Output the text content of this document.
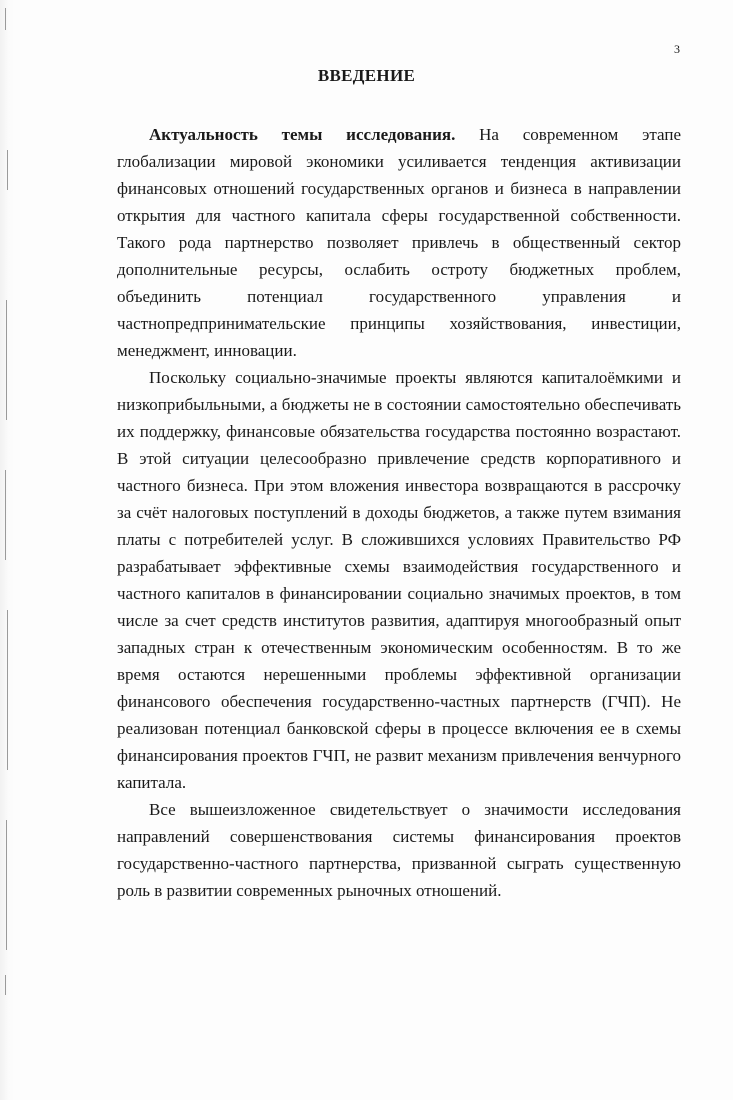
3
ВВЕДЕНИЕ

Актуальность темы исследования. На современном этапе глобализации мировой экономики усиливается тенденция активизации финансовых отношений государственных органов и бизнеса в направлении открытия для частного капитала сферы государственной собственности. Такого рода партнерство позволяет привлечь в общественный сектор дополнительные ресурсы, ослабить остроту бюджетных проблем, объединить потенциал государственного управления и частнопредпринимательские принципы хозяйствования, инвестиции, менеджмент, инновации.

Поскольку социально-значимые проекты являются капиталоёмкими и низкоприбыльными, а бюджеты не в состоянии самостоятельно обеспечивать их поддержку, финансовые обязательства государства постоянно возрастают. В этой ситуации целесообразно привлечение средств корпоративного и частного бизнеса. При этом вложения инвестора возвращаются в рассрочку за счёт налоговых поступлений в доходы бюджетов, а также путем взимания платы с потребителей услуг. В сложившихся условиях Правительство РФ разрабатывает эффективные схемы взаимодействия государственного и частного капиталов в финансировании социально значимых проектов, в том числе за счет средств институтов развития, адаптируя многообразный опыт западных стран к отечественным экономическим особенностям. В то же время остаются нерешенными проблемы эффективной организации финансового обеспечения государственно-частных партнерств (ГЧП). Не реализован потенциал банковской сферы в процессе включения ее в схемы финансирования проектов ГЧП, не развит механизм привлечения венчурного капитала.

Все вышеизложенное свидетельствует о значимости исследования направлений совершенствования системы финансирования проектов государственно-частного партнерства, призванной сыграть существенную роль в развитии современных рыночных отношений.
